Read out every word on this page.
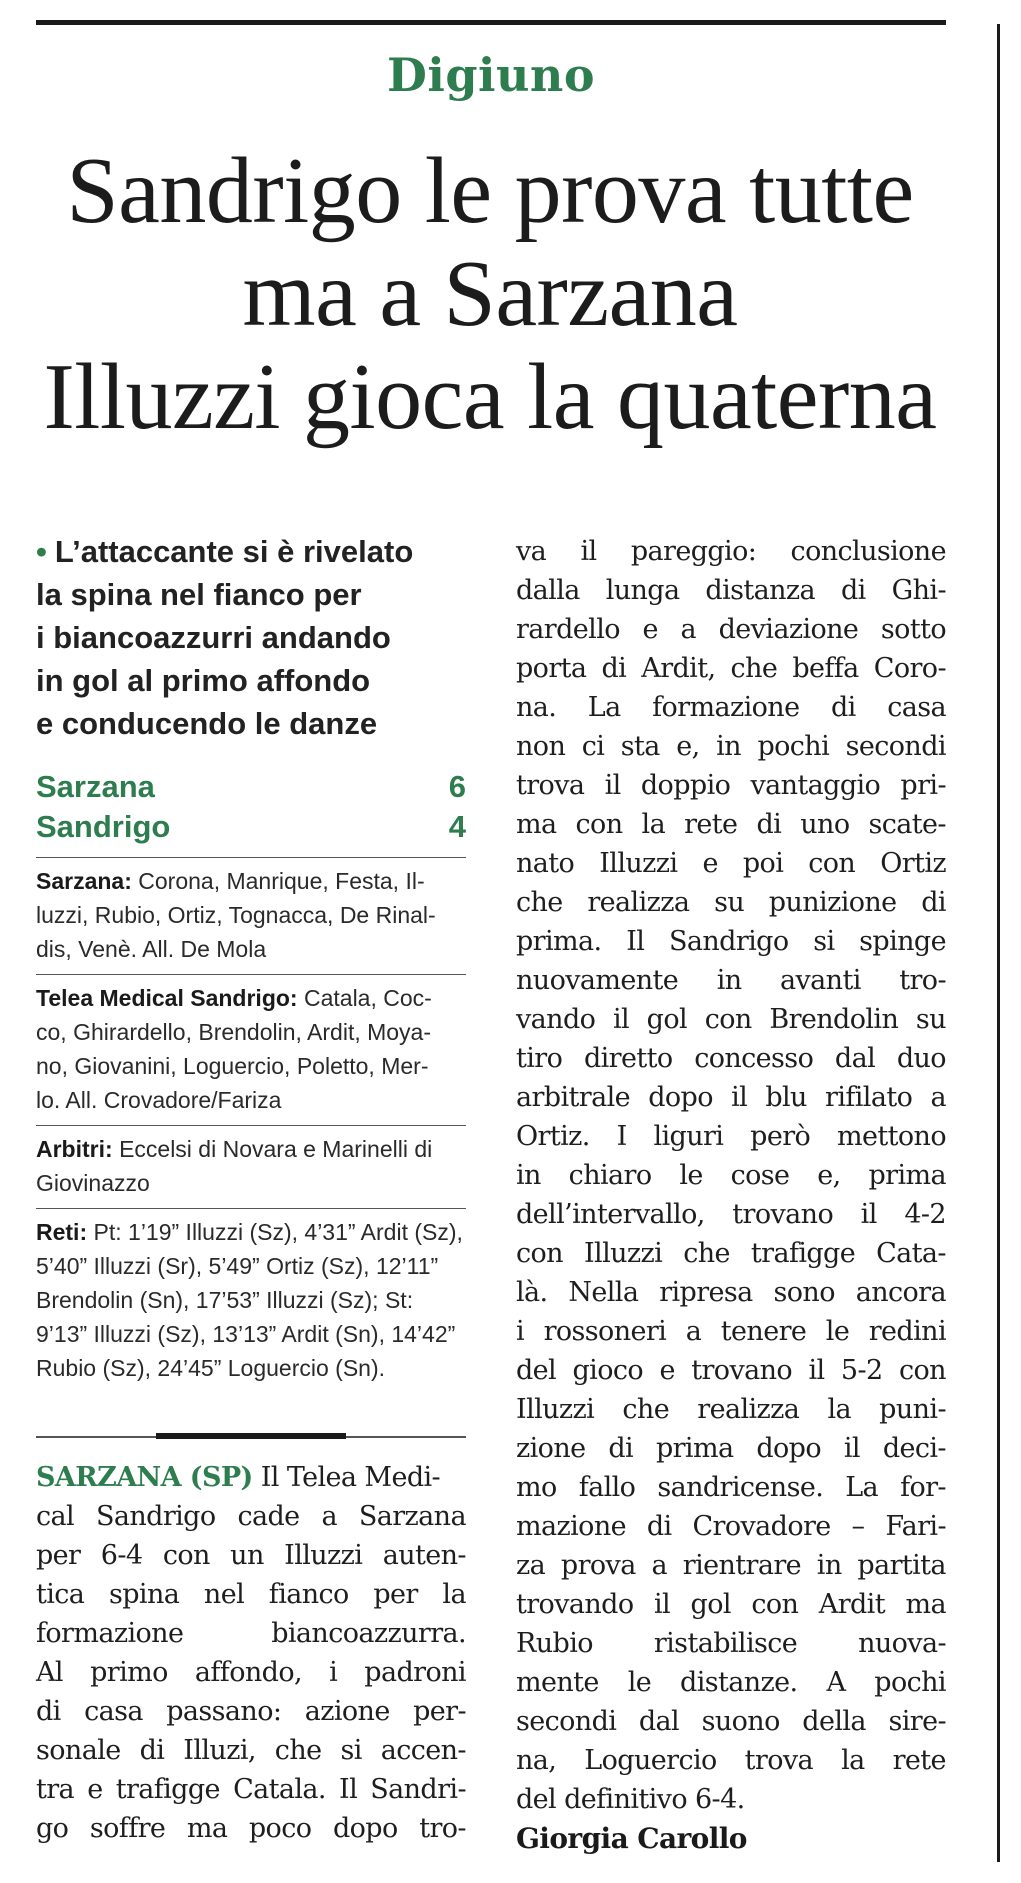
Digiuno
Sandrigo le prova tutte
ma a Sarzana
Illuzzi gioca la quaterna
• L’attaccante si è rivelato
la spina nel fianco per
i biancoazzurri andando
in gol al primo affondo
e conducendo le danze
Sarzana	6
Sandrigo	4
Sarzana: Corona, Manrique, Festa, Il-
luzzi, Rubio, Ortiz, Tognacca, De Rinal-
dis, Venè. All. De Mola
Telea Medical Sandrigo: Catala, Coc-
co, Ghirardello, Brendolin, Ardit, Moya-
no, Giovanini, Loguercio, Poletto, Mer-
lo. All. Crovadore/Fariza
Arbitri: Eccelsi di Novara e Marinelli di
Giovinazzo
Reti: Pt: 1’19” Illuzzi (Sz), 4’31” Ardit (Sz),
5’40” Illuzzi (Sr), 5’49” Ortiz (Sz), 12’11”
Brendolin (Sn), 17’53” Illuzzi (Sz); St:
9’13” Illuzzi (Sz), 13’13” Ardit (Sn), 14’42”
Rubio (Sz), 24’45” Loguercio (Sn).
SARZANA (SP) Il Telea Medi-
cal Sandrigo cade a Sarzana
per 6-4 con un Illuzzi auten-
tica spina nel fianco per la
formazione	biancoazzurra.
Al primo affondo, i padroni
di casa passano: azione per-
sonale di Illuzi, che si accen-
tra e trafigge Catala. Il Sandri-
go soffre ma poco dopo tro-
va il pareggio: conclusione
dalla lunga distanza di Ghi-
rardello e a deviazione sotto
porta di Ardit, che beffa Coro-
na. La formazione di casa
non ci sta e, in pochi secondi
trova il doppio vantaggio pri-
ma con la rete di uno scate-
nato Illuzzi e poi con Ortiz
che realizza su punizione di
prima. Il Sandrigo si spinge
nuovamente in avanti tro-
vando il gol con Brendolin su
tiro diretto concesso dal duo
arbitrale dopo il blu rifilato a
Ortiz. I liguri però mettono
in chiaro le cose e, prima
dell’intervallo, trovano il 4-2
con Illuzzi che trafigge Cata-
là. Nella ripresa sono ancora
i rossoneri a tenere le redini
del gioco e trovano il 5-2 con
Illuzzi che realizza la puni-
zione di prima dopo il deci-
mo fallo sandricense. La for-
mazione di Crovadore – Fari-
za prova a rientrare in partita
trovando il gol con Ardit ma
Rubio ristabilisce nuova-
mente le distanze. A pochi
secondi dal suono della sire-
na, Loguercio trova la rete
del definitivo 6-4.
Giorgia Carollo
